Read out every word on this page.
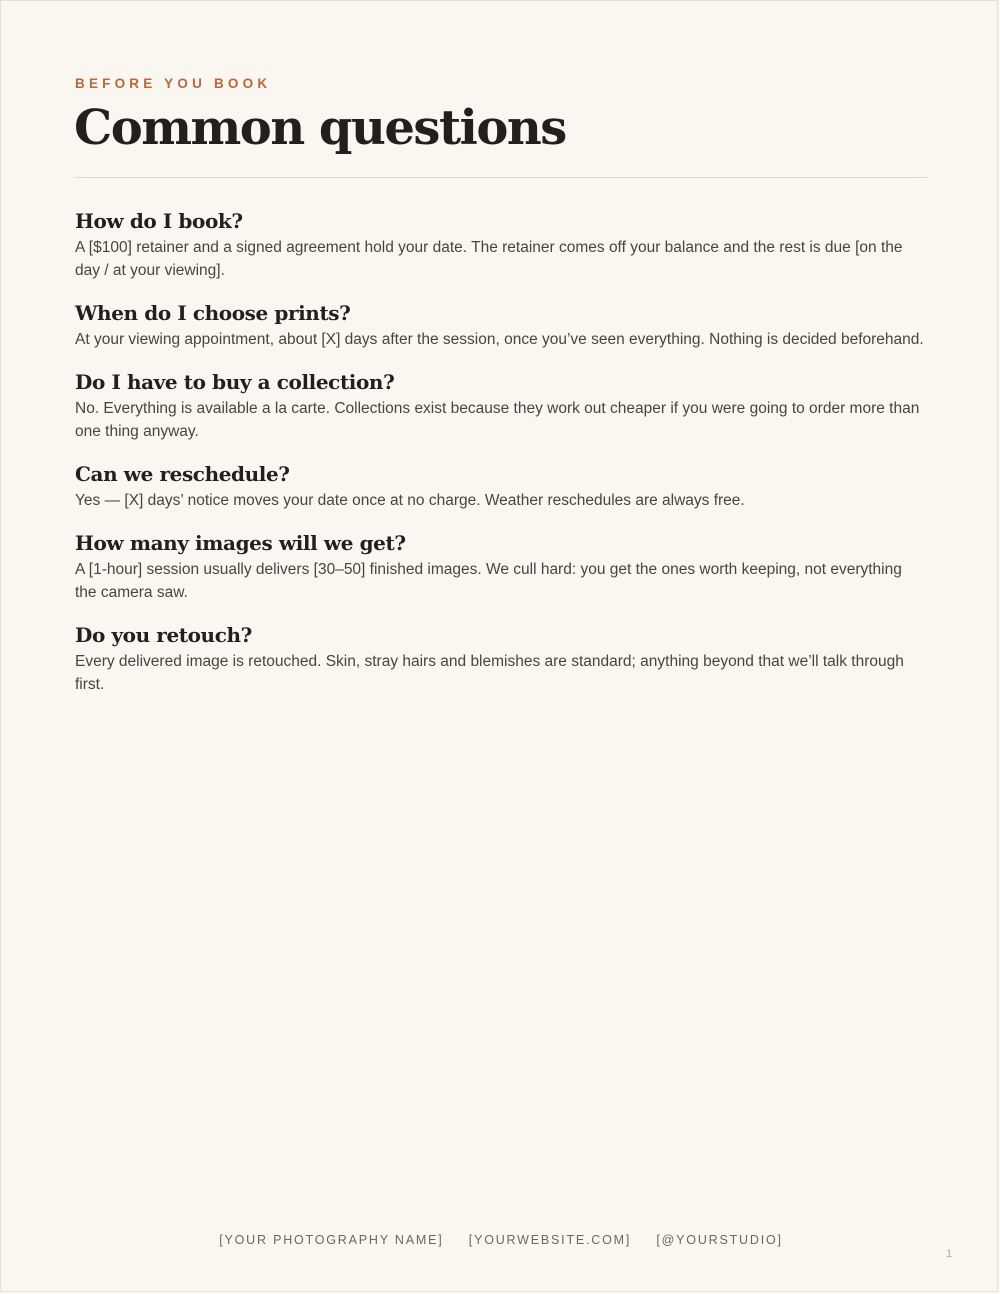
BEFORE YOU BOOK
Common questions
How do I book?

A [$100] retainer and a signed agreement hold your date. The retainer comes off your balance and the rest is due [on the day / at your viewing].

When do I choose prints?

At your viewing appointment, about [X] days after the session, once you’ve seen everything. Nothing is decided beforehand.

Do I have to buy a collection?

No. Everything is available a la carte. Collections exist because they work out cheaper if you were going to order more than one thing anyway.

Can we reschedule?

Yes — [X] days’ notice moves your date once at no charge. Weather reschedules are always free.

How many images will we get?

A [1-hour] session usually delivers [30–50] finished images. We cull hard: you get the ones worth keeping, not everything the camera saw.

Do you retouch?

Every delivered image is retouched. Skin, stray hairs and blemishes are standard; anything beyond that we’ll talk through first.

[YOUR PHOTOGRAPHY NAME] [YOURWEBSITE.COM] [@YOURSTUDIO]
1
